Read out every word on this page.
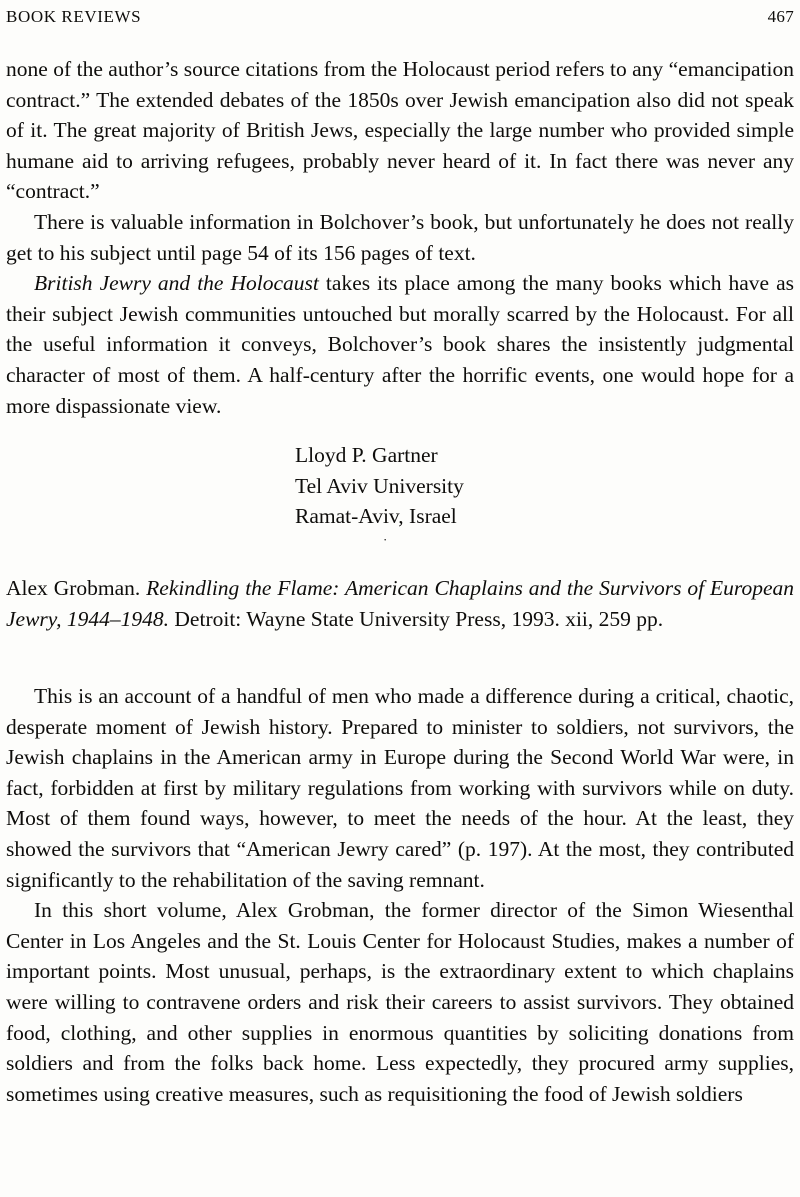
BOOK REVIEWS	467

none of the author’s source citations from the Holocaust period refers to any “emancipation contract.” The extended debates of the 1850s over Jewish emancipation also did not speak of it. The great majority of British Jews, especially the large number who provided simple humane aid to arriving refugees, probably never heard of it. In fact there was never any “contract.”

There is valuable information in Bolchover’s book, but unfortunately he does not really get to his subject until page 54 of its 156 pages of text.

British Jewry and the Holocaust takes its place among the many books which have as their subject Jewish communities untouched but morally scarred by the Holocaust. For all the useful information it conveys, Bolchover’s book shares the insistently judgmental character of most of them. A half-century after the horrific events, one would hope for a more dispassionate view.

Lloyd P. Gartner
Tel Aviv University
Ramat-Aviv, Israel
·
Alex Grobman. Rekindling the Flame: American Chaplains and the Survivors of European Jewry, 1944–1948. Detroit: Wayne State University Press, 1993. xii, 259 pp.

This is an account of a handful of men who made a difference during a critical, chaotic, desperate moment of Jewish history. Prepared to minister to soldiers, not survivors, the Jewish chaplains in the American army in Europe during the Second World War were, in fact, forbidden at first by military regulations from working with survivors while on duty. Most of them found ways, however, to meet the needs of the hour. At the least, they showed the survivors that “American Jewry cared” (p. 197). At the most, they contributed significantly to the rehabilitation of the saving remnant.

In this short volume, Alex Grobman, the former director of the Simon Wiesenthal Center in Los Angeles and the St. Louis Center for Holocaust Studies, makes a number of important points. Most unusual, perhaps, is the extraordinary extent to which chaplains were willing to contravene orders and risk their careers to assist survivors. They obtained food, clothing, and other supplies in enormous quantities by soliciting donations from soldiers and from the folks back home. Less expectedly, they procured army supplies, sometimes using creative measures, such as requisitioning the food of Jewish soldiers
